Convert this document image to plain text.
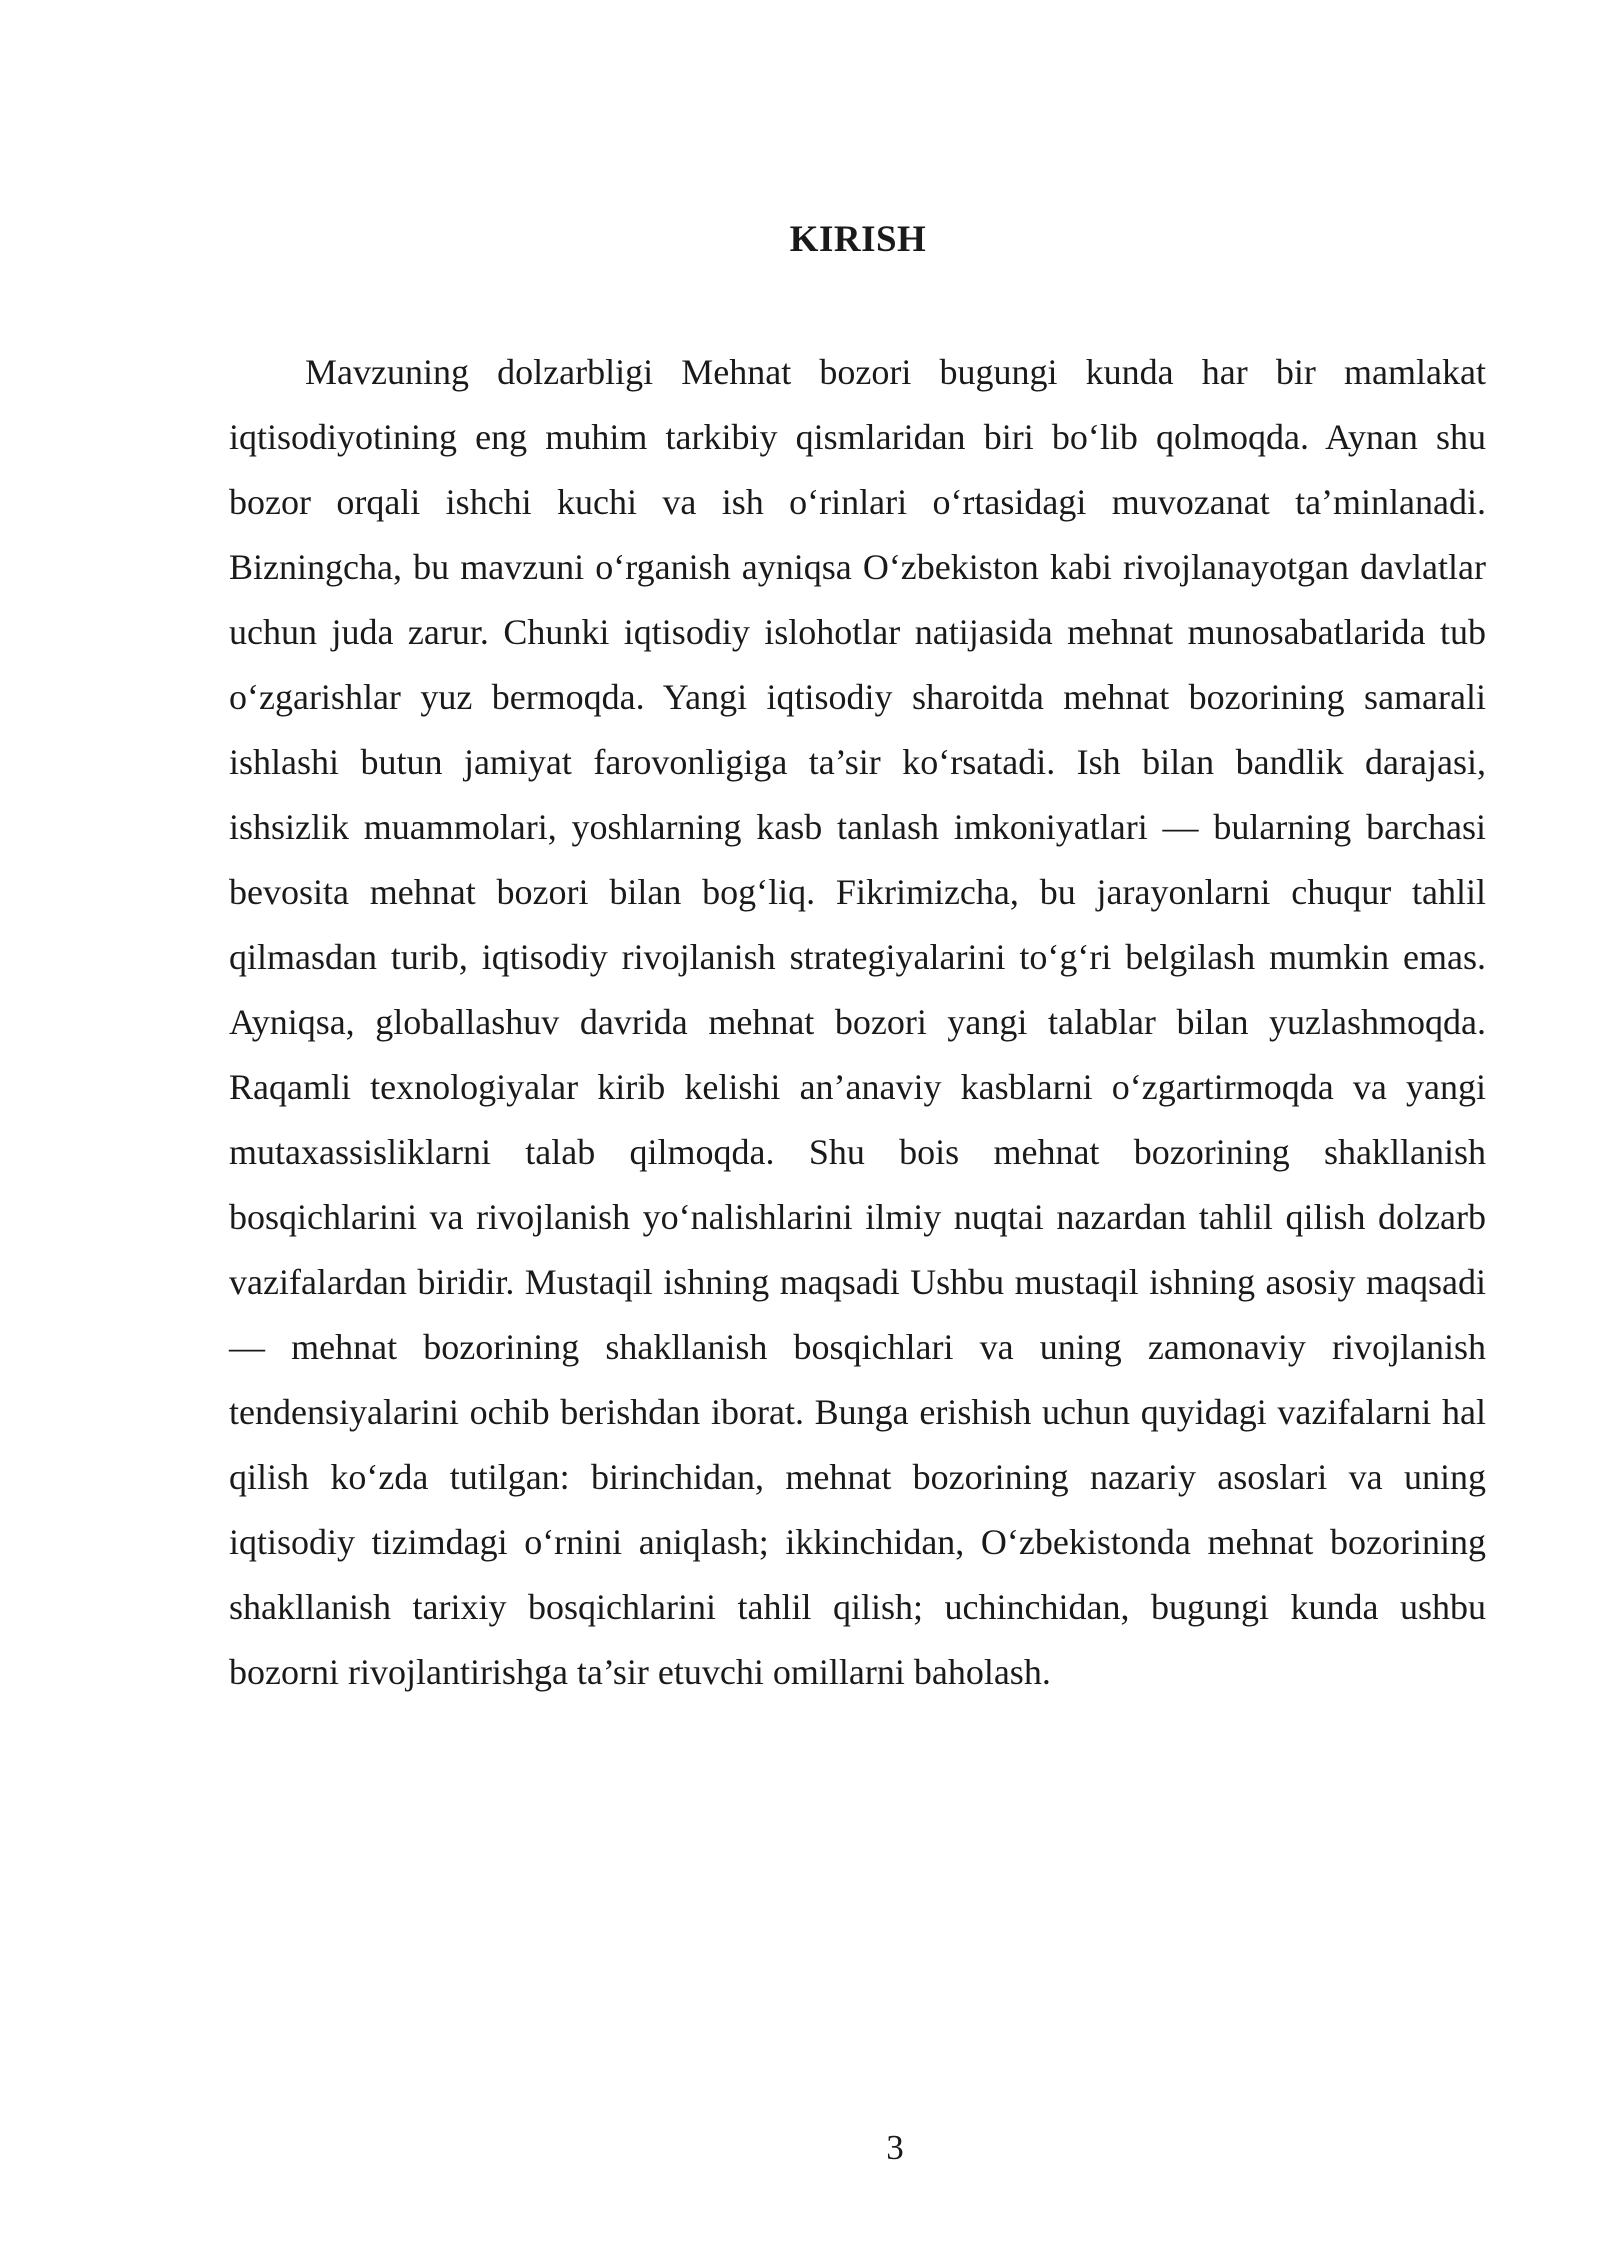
KIRISH

Mavzuning dolzarbligi Mehnat bozori bugungi kunda har bir mamlakat iqtisodiyotining eng muhim tarkibiy qismlaridan biri bo‘lib qolmoqda. Aynan shu bozor orqali ishchi kuchi va ish o‘rinlari o‘rtasidagi muvozanat ta’minlanadi. Bizningcha, bu mavzuni o‘rganish ayniqsa O‘zbekiston kabi rivojlanayotgan davlatlar uchun juda zarur. Chunki iqtisodiy islohotlar natijasida mehnat munosabatlarida tub o‘zgarishlar yuz bermoqda. Yangi iqtisodiy sharoitda mehnat bozorining samarali ishlashi butun jamiyat farovonligiga ta’sir ko‘rsatadi. Ish bilan bandlik darajasi, ishsizlik muammolari, yoshlarning kasb tanlash imkoniyatlari — bularning barchasi bevosita mehnat bozori bilan bog‘liq. Fikrimizcha, bu jarayonlarni chuqur tahlil qilmasdan turib, iqtisodiy rivojlanish strategiyalarini to‘g‘ri belgilash mumkin emas. Ayniqsa, globallashuv davrida mehnat bozori yangi talablar bilan yuzlashmoqda. Raqamli texnologiyalar kirib kelishi an’anaviy kasblarni o‘zgartirmoqda va yangi mutaxassisliklarni talab qilmoqda. Shu bois mehnat bozorining shakllanish bosqichlarini va rivojlanish yo‘nalishlarini ilmiy nuqtai nazardan tahlil qilish dolzarb vazifalardan biridir. Mustaqil ishning maqsadi Ushbu mustaqil ishning asosiy maqsadi — mehnat bozorining shakllanish bosqichlari va uning zamonaviy rivojlanish tendensiyalarini ochib berishdan iborat. Bunga erishish uchun quyidagi vazifalarni hal qilish ko‘zda tutilgan: birinchidan, mehnat bozorining nazariy asoslari va uning iqtisodiy tizimdagi o‘rnini aniqlash; ikkinchidan, O‘zbekistonda mehnat bozorining shakllanish tarixiy bosqichlarini tahlil qilish; uchinchidan, bugungi kunda ushbu bozorni rivojlantirishga ta’sir etuvchi omillarni baholash.

3
